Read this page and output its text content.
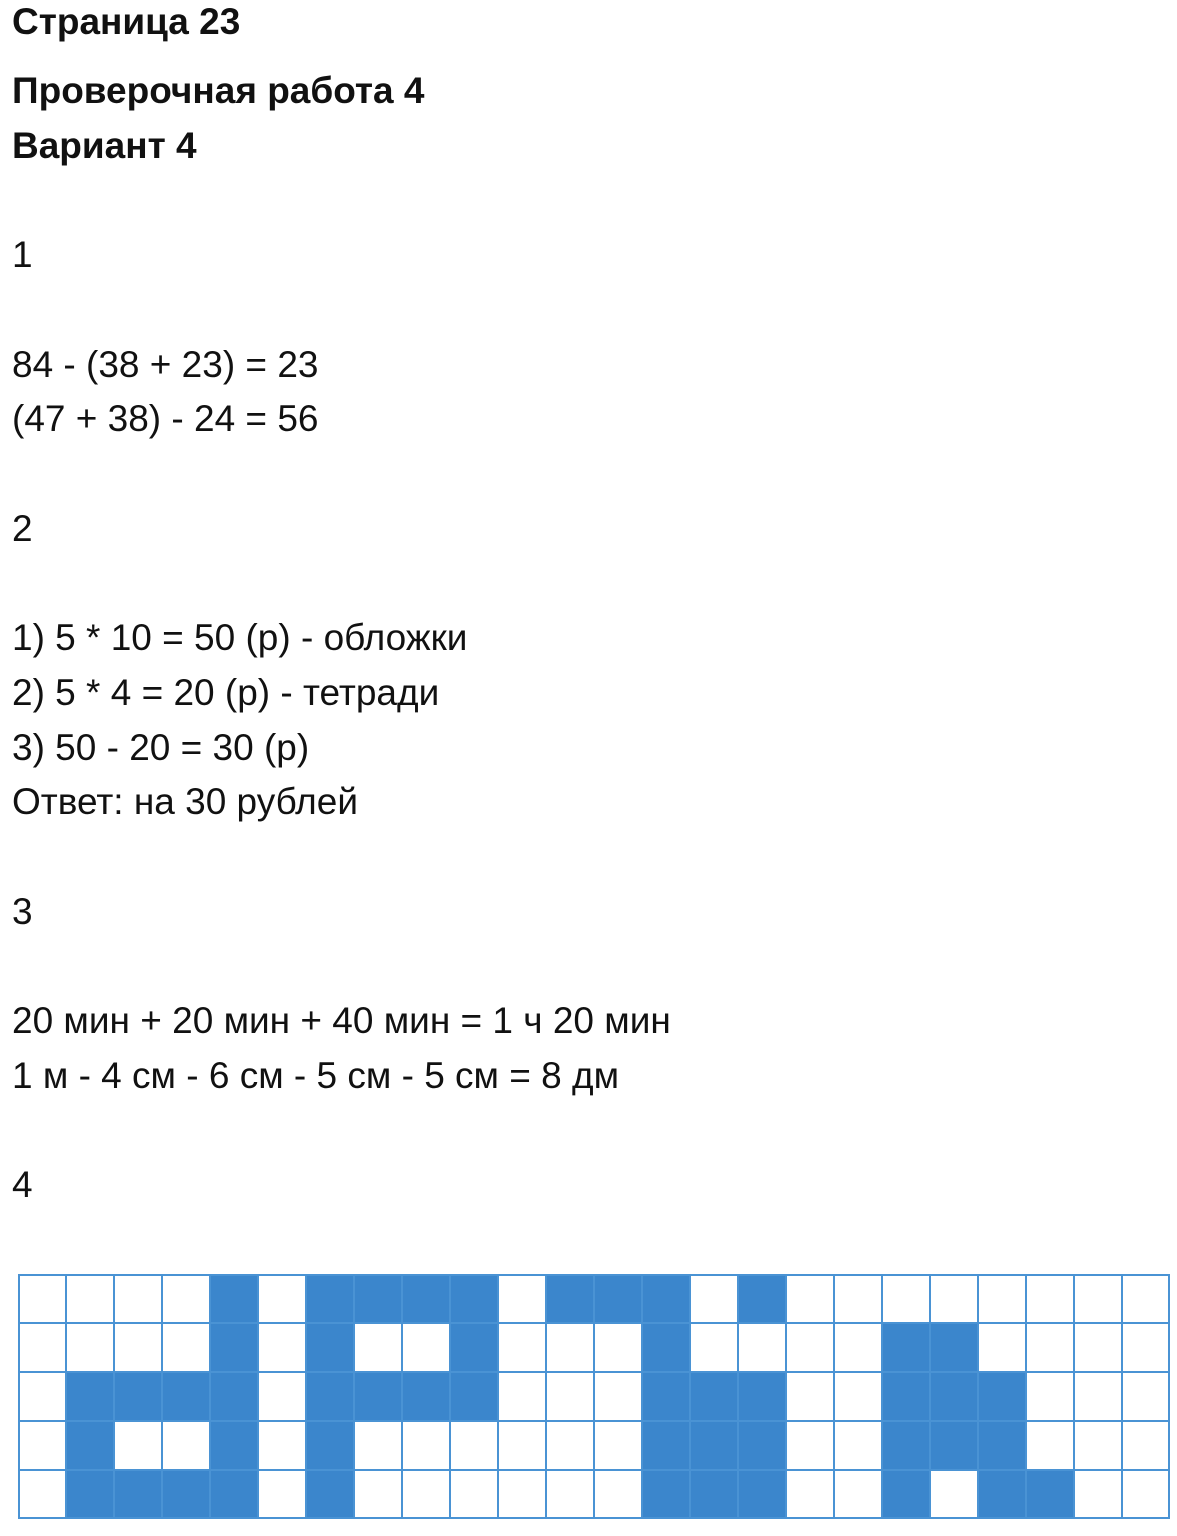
Страница 23
Проверочная работа 4
Вариант 4
1
84 - (38 + 23) = 23
(47 + 38) - 24 = 56
2
1) 5 * 10 = 50 (р) - обложки
2) 5 * 4 = 20 (р) - тетради
3) 50 - 20 = 30 (р)
Ответ: на 30 рублей
3
20 мин + 20 мин + 40 мин = 1 ч 20 мин
1 м - 4 см - 6 см - 5 см - 5 см = 8 дм
4
